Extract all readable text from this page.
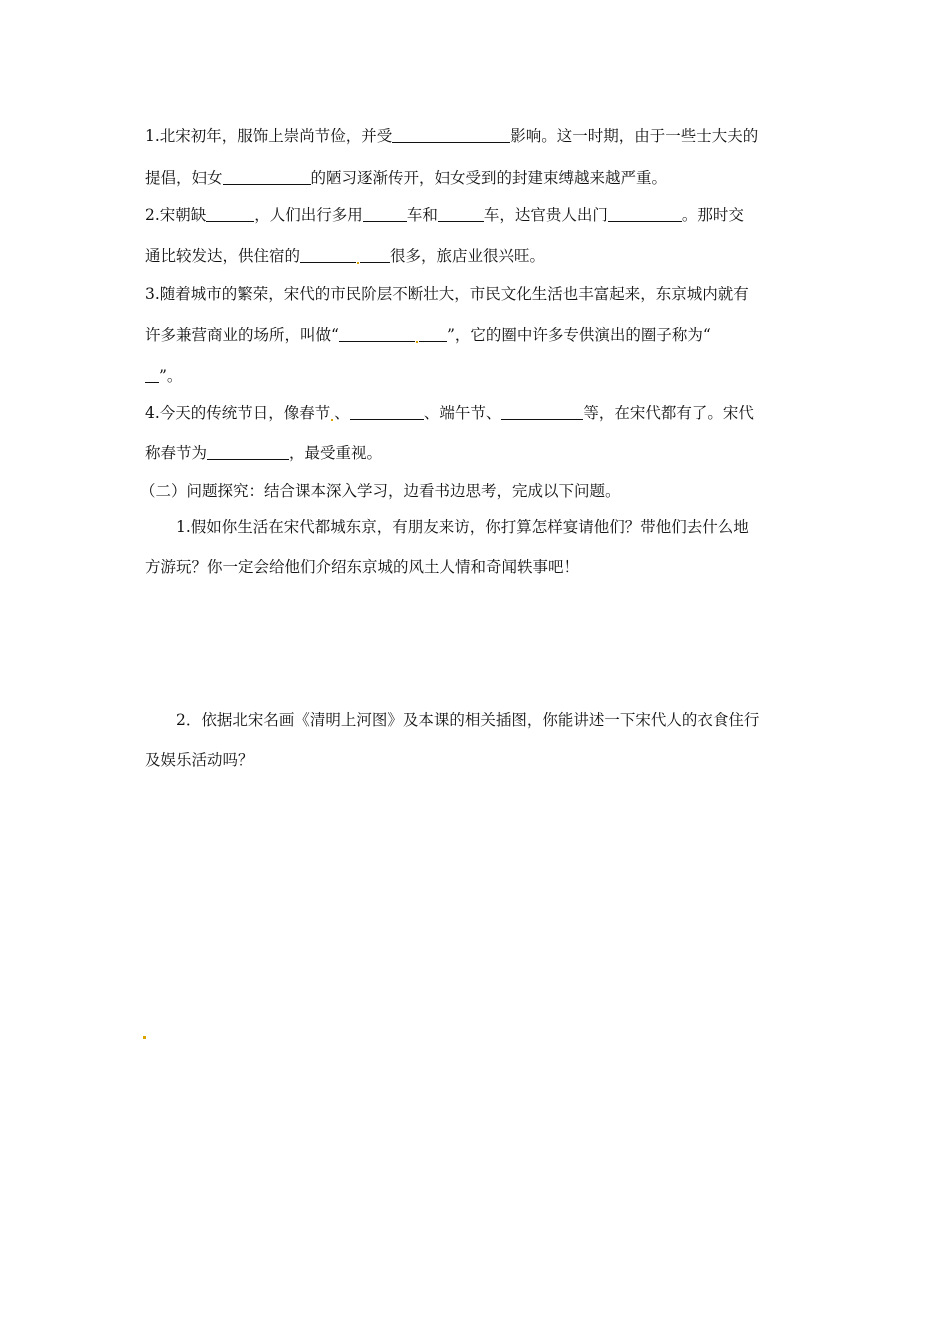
1.北宋初年，服饰上崇尚节俭，并受	影响。这一时期，由于一些士大夫的
提倡，妇女	的陋习逐渐传开，妇女受到的封建束缚越来越严重。
2.宋朝缺	，人们出行多用	车和	车，达官贵人出门	。那时交
通比较发达，供住宿的	很多，旅店业很兴旺。
3.随着城市的繁荣，宋代的市民阶层不断壮大，市民文化生活也丰富起来，东京城内就有
许多兼营商业的场所，叫做“	”，它的圈中许多专供演出的圈子称为“
”。
4.今天的传统节日，像春节 、	、端午节、	等，在宋代都有了。宋代
称春节为	，最受重视。
（二）问题探究：结合课本深入学习，边看书边思考，完成以下问题。
1.假如你生活在宋代都城东京，有朋友来访，你打算怎样宴请他们？带他们去什么地
方游玩？你一定会给他们介绍东京城的风土人情和奇闻轶事吧！
2．依据北宋名画《清明上河图》及本课的相关插图，你能讲述一下宋代人的衣食住行
及娱乐活动吗？
